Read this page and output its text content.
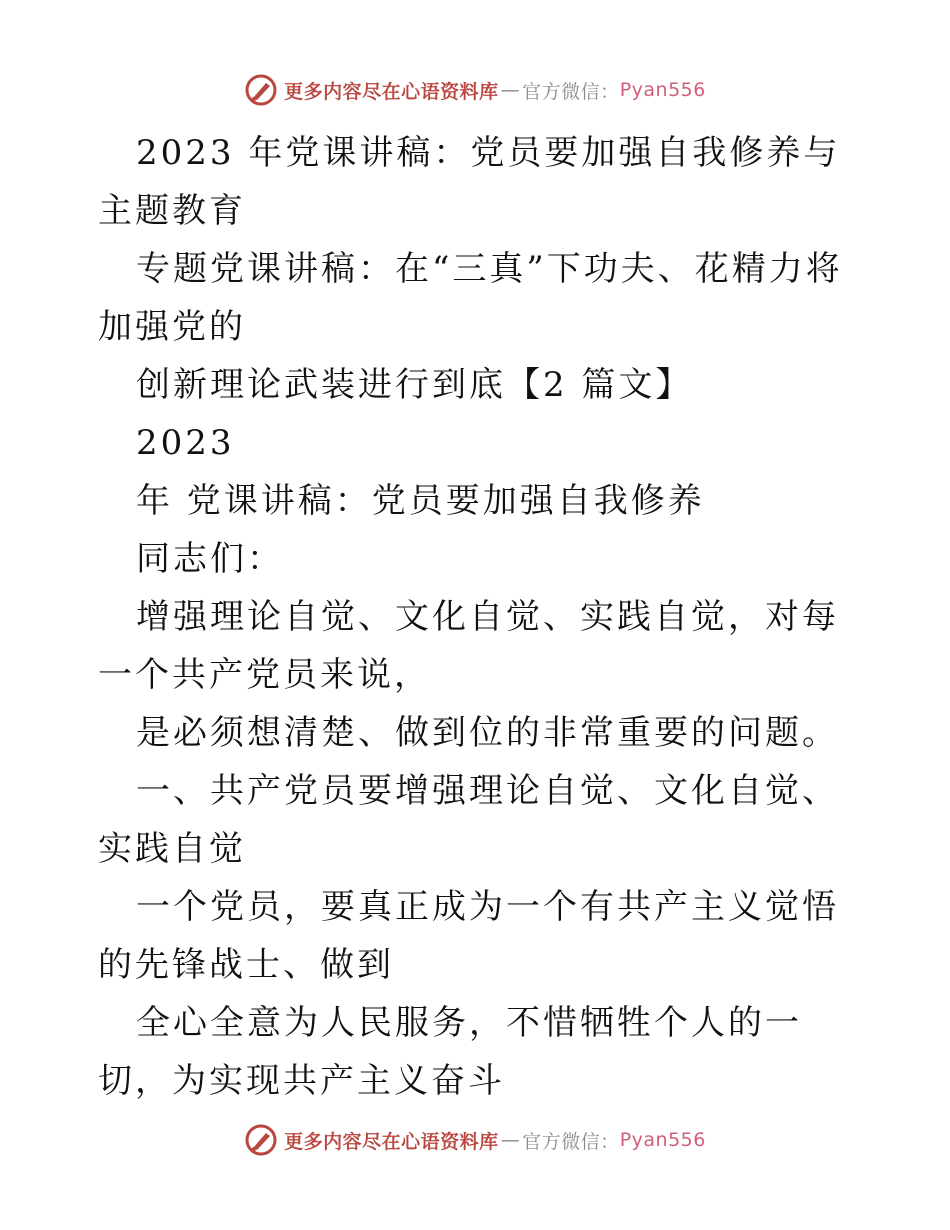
更多内容尽在心语资料库 — 官方微信： Pyan556

2023 年党课讲稿：党员要加强自我修养与主题教育

专题党课讲稿：在“三真”下功夫、花精力将加强党的

创新理论武装进行到底【2 篇文】

2023

年 党课讲稿：党员要加强自我修养

同志们：

增强理论自觉、文化自觉、实践自觉，对每一个共产党员来说，

是必须想清楚、做到位的非常重要的问题。

一、共产党员要增强理论自觉、文化自觉、实践自觉

一个党员，要真正成为一个有共产主义觉悟的先锋战士、做到

全心全意为人民服务，不惜牺牲个人的一切，为实现共产主义奋斗

更多内容尽在心语资料库 — 官方微信： Pyan556
